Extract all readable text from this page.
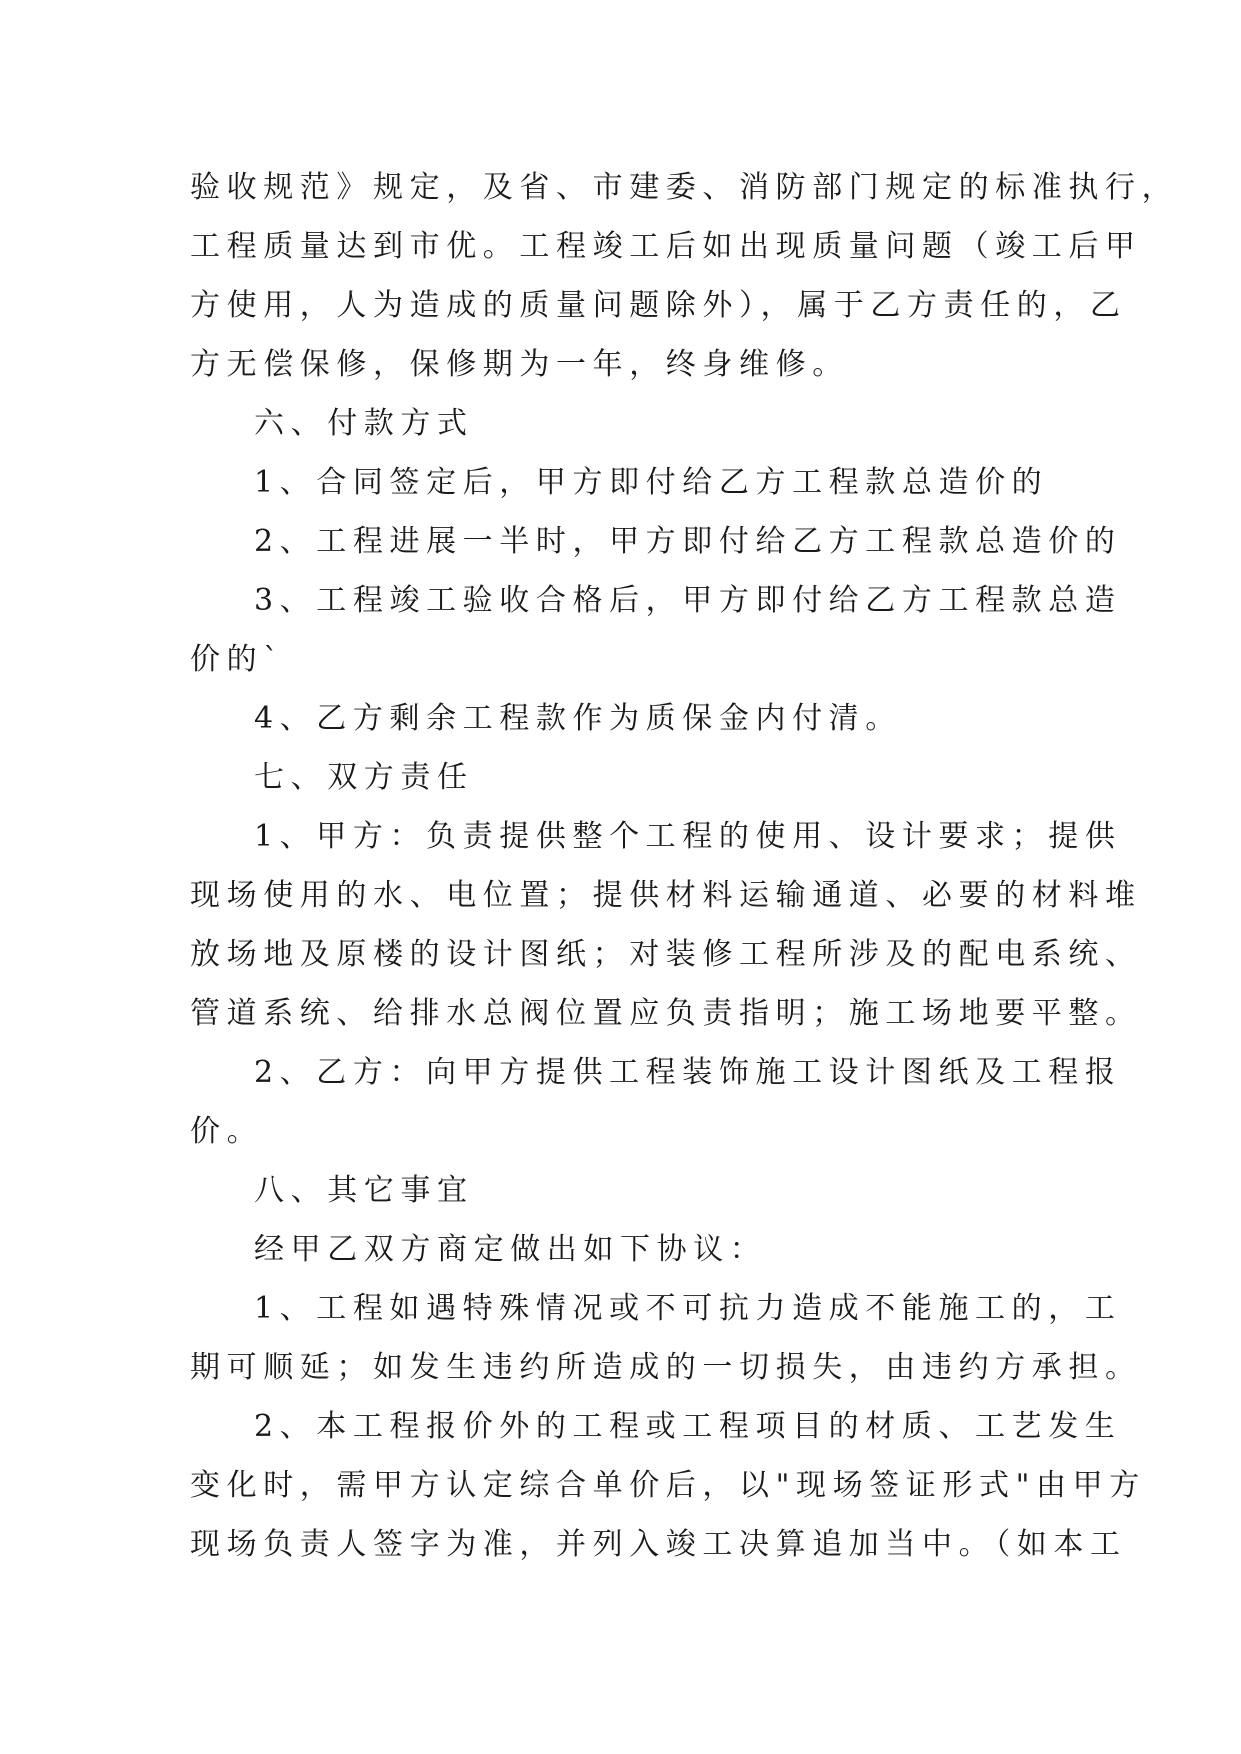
验收规范》规定，及省、市建委、消防部门规定的标准执行，
工程质量达到市优。工程竣工后如出现质量问题（竣工后甲
方使用，人为造成的质量问题除外），属于乙方责任的，乙
方无偿保修，保修期为一年，终身维修。
六、付款方式
1、合同签定后，甲方即付给乙方工程款总造价的
2、工程进展一半时，甲方即付给乙方工程款总造价的
3、工程竣工验收合格后，甲方即付给乙方工程款总造
价的`
4、乙方剩余工程款作为质保金内付清。
七、双方责任
1、甲方：负责提供整个工程的使用、设计要求；提供
现场使用的水、电位置；提供材料运输通道、必要的材料堆
放场地及原楼的设计图纸；对装修工程所涉及的配电系统、
管道系统、给排水总阀位置应负责指明；施工场地要平整。
2、乙方：向甲方提供工程装饰施工设计图纸及工程报
价。
八、其它事宜
经甲乙双方商定做出如下协议：
1、工程如遇特殊情况或不可抗力造成不能施工的，工
期可顺延；如发生违约所造成的一切损失，由违约方承担。
2、本工程报价外的工程或工程项目的材质、工艺发生
变化时，需甲方认定综合单价后，以"现场签证形式"由甲方
现场负责人签字为准，并列入竣工决算追加当中。（如本工
